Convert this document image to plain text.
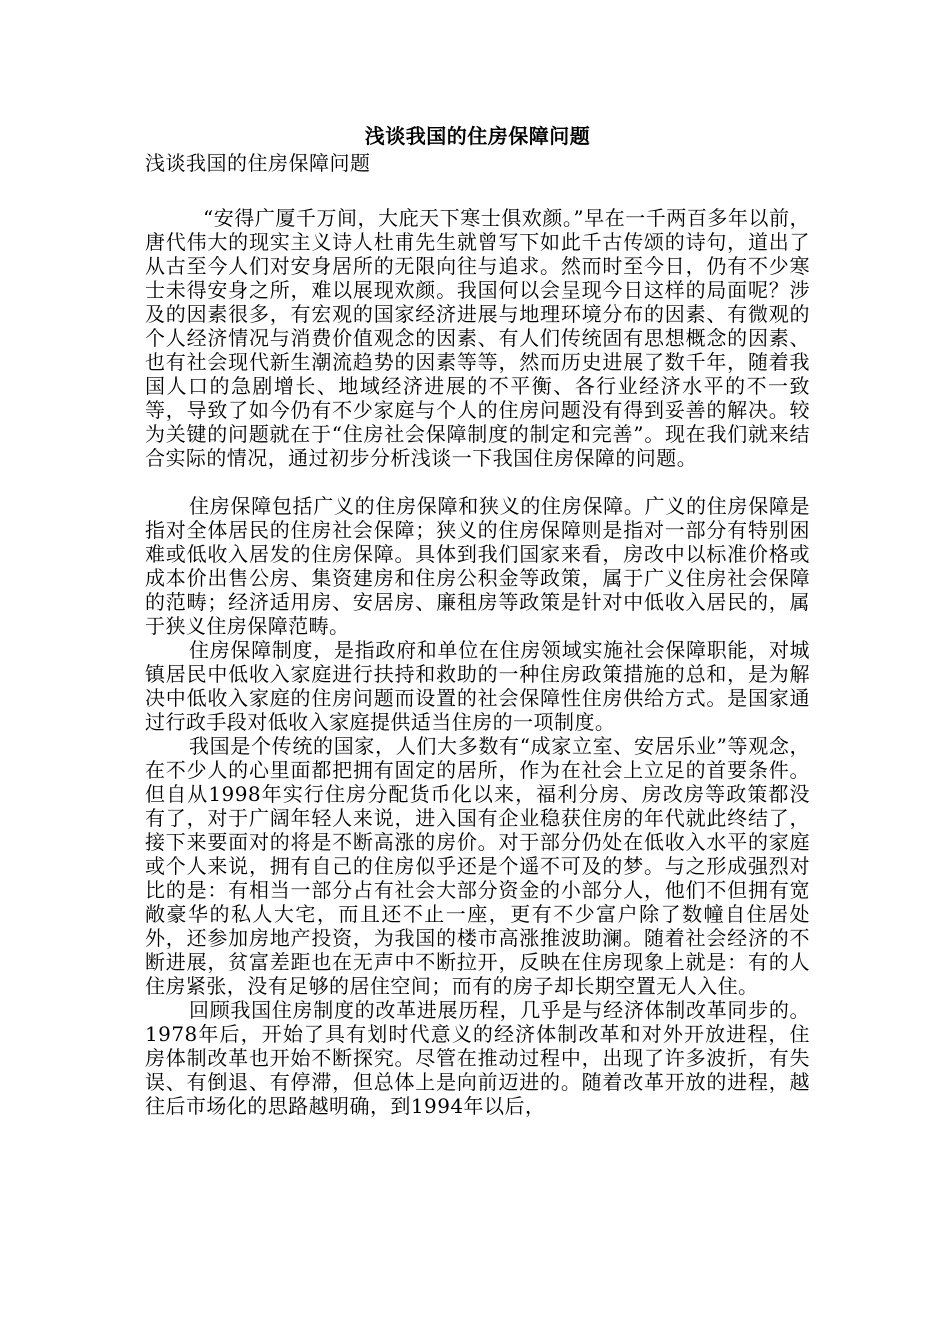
浅谈我国的住房保障问题
浅谈我国的住房保障问题

“安得广厦千万间，大庇天下寒士俱欢颜。”早在一千两百多年以前，唐代伟大的现实主义诗人杜甫先生就曾写下如此千古传颂的诗句，道出了从古至今人们对安身居所的无限向往与追求。然而时至今日，仍有不少寒士未得安身之所，难以展现欢颜。我国何以会呈现今日这样的局面呢？涉及的因素很多，有宏观的国家经济进展与地理环境分布的因素、有微观的个人经济情况与消费价值观念的因素、有人们传统固有思想概念的因素、也有社会现代新生潮流趋势的因素等等，然而历史进展了数千年，随着我国人口的急剧增长、地域经济进展的不平衡、各行业经济水平的不一致等，导致了如今仍有不少家庭与个人的住房问题没有得到妥善的解决。较为关键的问题就在于“住房社会保障制度的制定和完善”。现在我们就来结合实际的情况，通过初步分析浅谈一下我国住房保障的问题。

住房保障包括广义的住房保障和狭义的住房保障。广义的住房保障是指对全体居民的住房社会保障；狭义的住房保障则是指对一部分有特别困难或低收入居发的住房保障。具体到我们国家来看，房改中以标准价格或成本价出售公房、集资建房和住房公积金等政策，属于广义住房社会保障的范畴；经济适用房、安居房、廉租房等政策是针对中低收入居民的，属于狭义住房保障范畴。

住房保障制度，是指政府和单位在住房领域实施社会保障职能，对城镇居民中低收入家庭进行扶持和救助的一种住房政策措施的总和，是为解决中低收入家庭的住房问题而设置的社会保障性住房供给方式。是国家通过行政手段对低收入家庭提供适当住房的一项制度。

我国是个传统的国家，人们大多数有“成家立室、安居乐业”等观念，在不少人的心里面都把拥有固定的居所，作为在社会上立足的首要条件。但自从1998年实行住房分配货币化以来，福利分房、房改房等政策都没有了，对于广阔年轻人来说，进入国有企业稳获住房的年代就此终结了，接下来要面对的将是不断高涨的房价。对于部分仍处在低收入水平的家庭或个人来说，拥有自己的住房似乎还是个遥不可及的梦。与之形成强烈对比的是：有相当一部分占有社会大部分资金的小部分人，他们不但拥有宽敞豪华的私人大宅，而且还不止一座，更有不少富户除了数幢自住居处外，还参加房地产投资，为我国的楼市高涨推波助澜。随着社会经济的不断进展，贫富差距也在无声中不断拉开，反映在住房现象上就是：有的人住房紧张，没有足够的居住空间；而有的房子却长期空置无人入住。

回顾我国住房制度的改革进展历程，几乎是与经济体制改革同步的。1978年后，开始了具有划时代意义的经济体制改革和对外开放进程，住房体制改革也开始不断探究。尽管在推动过程中，出现了许多波折，有失误、有倒退、有停滞，但总体上是向前迈进的。随着改革开放的进程，越往后市场化的思路越明确，到1994年以后，
